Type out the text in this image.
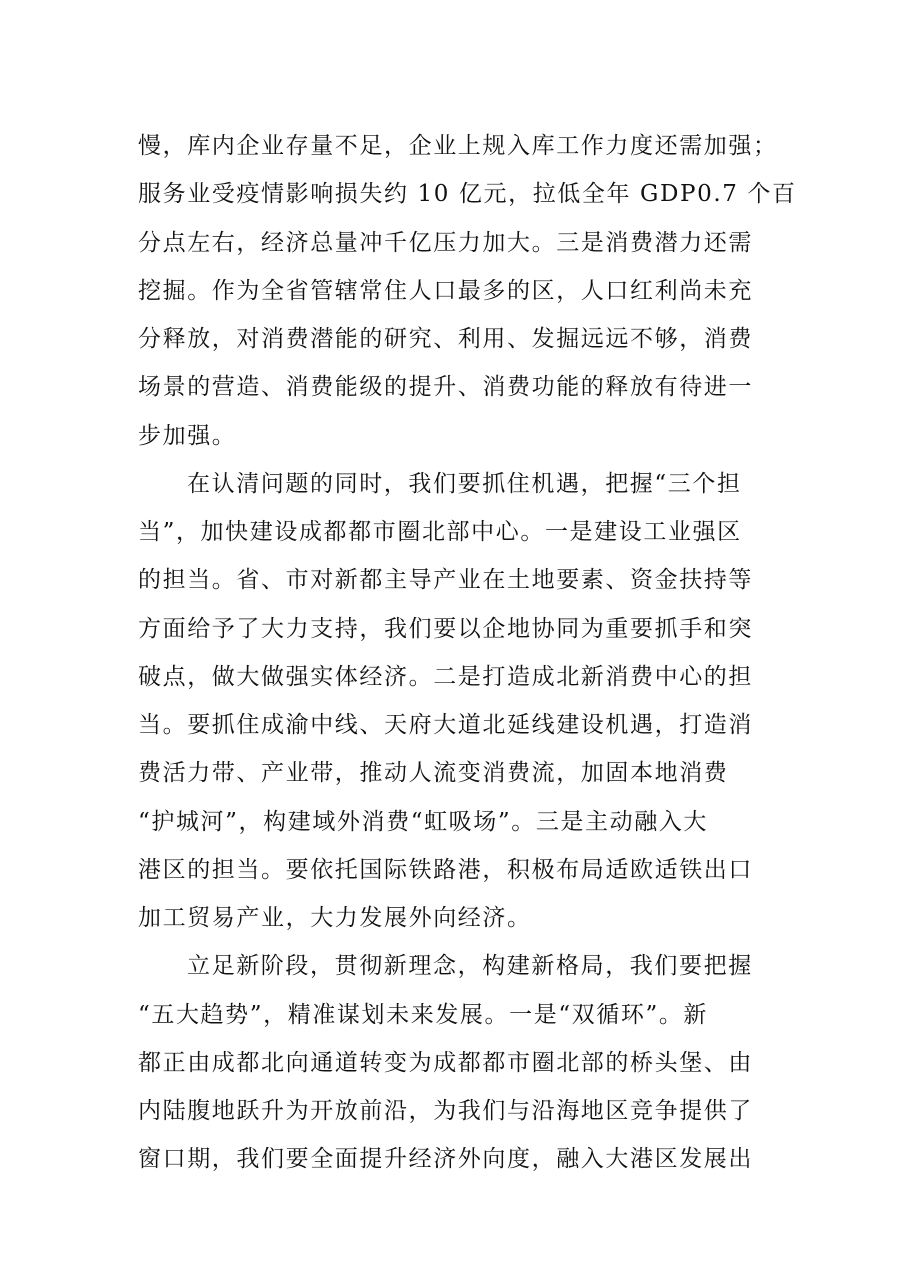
慢，库内企业存量不足，企业上规入库工作力度还需加强；
服务业受疫情影响损失约 10 亿元，拉低全年 GDP0.7 个百
分点左右，经济总量冲千亿压力加大。三是消费潜力还需
挖掘。作为全省管辖常住人口最多的区，人口红利尚未充
分释放，对消费潜能的研究、利用、发掘远远不够，消费
场景的营造、消费能级的提升、消费功能的释放有待进一
步加强。
在认清问题的同时，我们要抓住机遇，把握“三个担
当”，加快建设成都都市圈北部中心。一是建设工业强区
的担当。省、市对新都主导产业在土地要素、资金扶持等
方面给予了大力支持，我们要以企地协同为重要抓手和突
破点，做大做强实体经济。二是打造成北新消费中心的担
当。要抓住成渝中线、天府大道北延线建设机遇，打造消
费活力带、产业带，推动人流变消费流，加固本地消费
“护城河”，构建域外消费“虹吸场”。三是主动融入大
港区的担当。要依托国际铁路港，积极布局适欧适铁出口
加工贸易产业，大力发展外向经济。
立足新阶段，贯彻新理念，构建新格局，我们要把握
“五大趋势”，精准谋划未来发展。一是“双循环”。新
都正由成都北向通道转变为成都都市圈北部的桥头堡、由
内陆腹地跃升为开放前沿，为我们与沿海地区竞争提供了
窗口期，我们要全面提升经济外向度，融入大港区发展出
